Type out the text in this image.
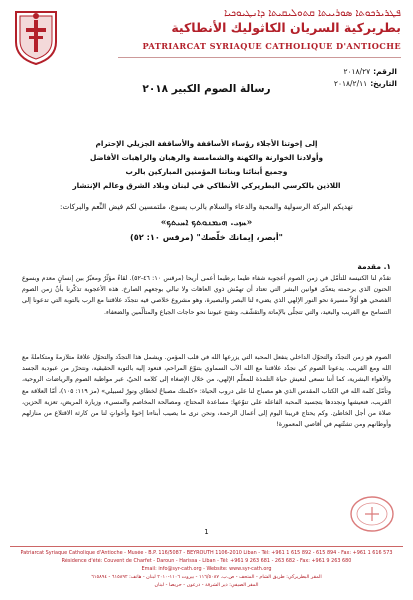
ܦܛܪܝܪܟܘܬܐ ܣܘܪܝܝܬܐ ܩܬܘܠܝܩܝܬܐ ܕܐܢܛܝܘܟܝܐ
بطريركية السريان الكاثوليك الأنطاكية
PATRIARCAT SYRIAQUE CATHOLIQUE D'ANTIOCHE
الرقم:٢٠١٨/٢٧
التاريخ:٢٠١٨/٢/١١
رسالة الصوم الكبير ٢٠١٨
إلى إخوتنا الأجلاء رؤساء الأساقفة والأساقفة الجزيلي الإحترام
وأولادنا الخوارنة والكهنة والشمامسة والرهبان والراهبات الأفاضل
وجميع أبنائنا وبناتنا المؤمنين المباركين بالرب
اللاذين بالكرسي البطريركي الأنطاكي في لبنان وبلاد الشرق وعالم الإنتشار
نهديكم البركة الرسولية والمحبة والدعاء والسلام بالرب يسوع، ملتمسين لكم فيض النِّعم والبركات:
«ܚܙܝ. ܗܝܡܢܘܬܟ ܐܚܝܬܟ»
"أبصر، إيمانك خلّصك" (مرقس ١٠: ٥٢)
١. مقدمة
تقدّم لنا الكنيسة للتأمّل في زمن الصوم أعجوبة شفاء طيما برطيما أعمى أريحا (مرقس ١٠: ٤٦-٥٢). لقاءٌ مؤثّرٌ ومعبّرٌ بين إنسانٍ معدم وبسوع الحنون الذي برحمته يتعدّى قوانين البشر التي تعتاد أن تهمّش ذوي العاهات ولا تبالي بوجعهم الصارخ. هذه الأعجوبة تذكّرنا بأنّ زمن الصوم الفصحي هو أوّلاً مسيرة نحو النور الإلهي الذي يضيء لنا البصر والبصيرة، وهو مشروع خلاصي فيه نتجدّد علاقتنا مع الرب بالتوبة التي تدعونا إلى التسامح مع القريب والبعيد، والتي تتجلّى بالإماتة والتقشّف، وتفتح عيوننا نحو حاجات الجياع والمتألّمين والضعفاء.
الصوم هو زمن التجدّد والتحوّل الداخلي ينفعل المحبة التي يزرعها الله في قلب المؤمن. ويشمل هذا التجدّد والتحوّل علاقةً متلازمةً ومتكاملةً مع الله ومع القريب. يدعونا الصوم كي نجدّد علاقتنا مع الله الآب السماوي بتنوّع المراحم، فنعود إليه بالتوبة الحقيقية، ونتحرّر من عبودية الجسد والأهواء البشرية، كما أننا نسعى لنعيش حياة التلمذة للمعلّم الإلهي، من خلال الإصغاء إلى كلامه الحيّ، عبر مواظبة الصوم والرياضات الروحية، وتأمّل كلمة الله في الكتاب المقدس الذي هو مصباح لنا على دروب الحياة: «كلمتك مصباحٌ لخطاي ونورٌ لسبيلي» (مز ١١٩: ١٠٥)، أمّا العلاقة مع القريب، فنعيشها ونجددها بتجسيد المحبة الفاعلة على تنوّعها: مساعدة المحتاج، ومصالحة المخاصم والمسيء، وزيارة المريض، تعزية الحزين، صلاة من أجل الخاطئ. وكم يحتاج قريبنا اليوم إلى أعمال الرحمة، ونحن نرى ما يصيب أبناءنا إخوةً وأخواتٍ لنا من كارثة الاقتلاع من منازلهم وأوطانهم ومن تشتّتهم في أقاصي المعمورة!
1
Patriarcat Syriaque Catholique d'Antioche - Musée - B.P. 116/5087 - BEYROUTH 1106-2010 Liban - Tél: +961 1 615 892 - 615 894 - Fax: +961 1 616 573
Résidence d'été: Couvent de Charfet - Daroun - Harissa - Liban - Tél: +961 9 263 681 - 263 682 - Fax: +961 9 263 680
Email: info@syr-cath.org - Website: www.syr-cath.org
المقر البطريركي: طريق الشام - المتحف - ص.ب. ١١٦/٥٠٨٧ - بيروت ١١٠٦-٢٠١٠ لبنان - هاتف: ٦١٥٨٩٢ - ٦١٥٨٩٤
المقر الصيفي: دير الشرفة - درعون - حريصا - لبنان
